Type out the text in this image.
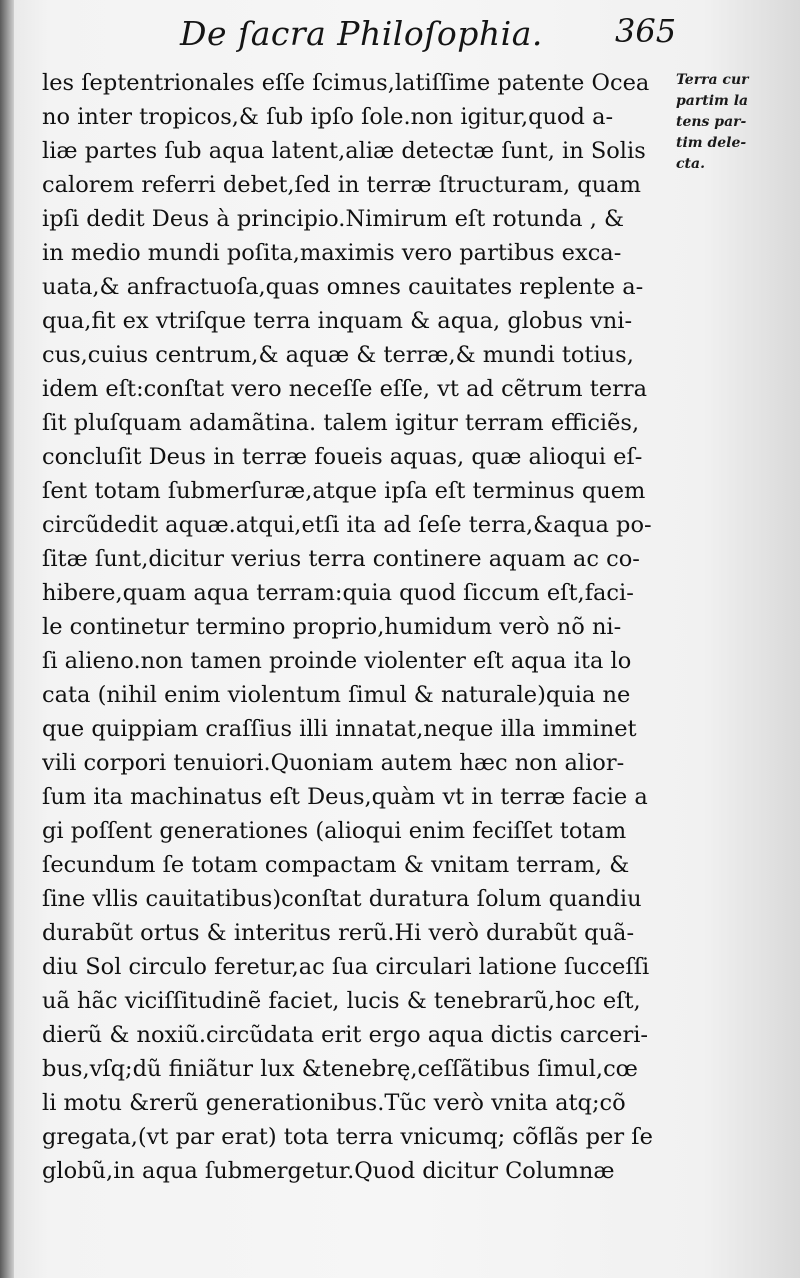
De ſacra Philoſophia. 365
Terra cur
partim la
tens par-
tim dele-
cta.
les ſeptentrionales eſſe ſcimus,latiſſime patente Ocea
no inter tropicos,& ſub ipſo ſole.non igitur,quod a-
liæ partes ſub aqua latent,aliæ detectæ ſunt, in Solis
calorem referri debet,ſed in terræ ſtructuram, quam
ipſi dedit Deus à principio.Nimirum eſt rotunda , &
in medio mundi poſita,maximis vero partibus exca-
uata,& anfractuoſa,quas omnes cauitates replente a-
qua,fit ex vtriſque terra inquam & aqua, globus vni-
cus,cuius centrum,& aquæ & terræ,& mundi totius,
idem eſt:conſtat vero neceſſe eſſe, vt ad cẽtrum terra
ſit pluſquam adamãtina. talem igitur terram efficiẽs,
concluſit Deus in terræ foueis aquas, quæ alioqui eſ-
ſent totam ſubmerſuræ,atque ipſa eſt terminus quem
circũdedit aquæ.atqui,etſi ita ad ſeſe terra,&aqua po-
ſitæ ſunt,dicitur verius terra continere aquam ac co-
hibere,quam aqua terram:quia quod ſiccum eſt,faci-
le continetur termino proprio,humidum verò nõ ni-
ſi alieno.non tamen proinde violenter eſt aqua ita lo
cata (nihil enim violentum ſimul & naturale)quia ne
que quippiam craſſius illi innatat,neque illa imminet
vili corpori tenuiori.Quoniam autem hæc non alior-
ſum ita machinatus eſt Deus,quàm vt in terræ facie a
gi poſſent generationes (alioqui enim feciſſet totam
ſecundum ſe totam compactam & vnitam terram, &
ſine vllis cauitatibus)conſtat duratura ſolum quandiu
durabũt ortus & interitus rerũ.Hi verò durabũt quã-
diu Sol circulo feretur,ac ſua circulari latione ſucceſſi
uã hãc viciſſitudinẽ faciet, lucis & tenebrarũ,hoc eſt,
dierũ & noxiũ.circũdata erit ergo aqua dictis carceri-
bus,vſq;dũ finiãtur lux &tenebrę,ceſſãtibus ſimul,cœ
li motu &rerũ generationibus.Tũc verò vnita atq;cõ
gregata,(vt par erat) tota terra vnicumq; cõflãs per ſe
globũ,in aqua ſubmergetur.Quod dicitur Columnæ
